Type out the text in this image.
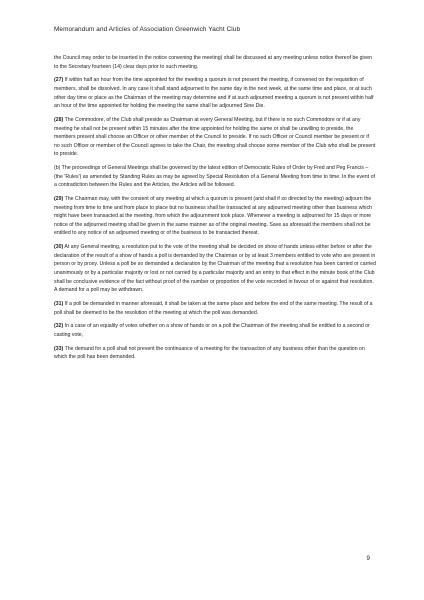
Memorandum and Articles of Association Greenwich Yacht Club

the Council may order to be inserted in the notice convening the meeting) shall be discussed at any meeting unless notice thereof be given to the Secretary fourteen (14) clear days prior to such meeting.

(27) If within half an hour from the time appointed for the meeting a quorum is not present the meeting, if convened on the requisition of members, shall be dissolved. In any case it shall stand adjourned to the same day in the next week, at the same time and place, or at such other day time or place as the Chairman of the meeting may determine and if at such adjourned meeting a quorum is not present within half an hour of the time appointed for holding the meeting the same shall be adjourned Sine Die.

(28) The Commodore, of the Club shall preside as Chairman at every General Meeting, but if there is no such Commodore or if at any meeting he shall not be present within 15 minutes after the time appointed for holding the same or shall be unwilling to preside, the members present shall choose an Officer or other member of the Council to preside. If no such Officer or Council member be present or if no such Officer or member of the Council agrees to take the Chair, the meeting shall choose some member of the Club who shall be present to preside.

(b) The proceedings of General Meetings shall be governed by the latest edition of Democratic Rules of Order by Fred and Peg Francis – (the 'Rules') as amended by Standing Rules as may be agreed by Special Resolution of a General Meeting from time to time. In the event of a contradiction between the Rules and the Articles, the Articles will be followed.

(29) The Chairman may, with the consent of any meeting at which a quorum is present (and shall if so directed by the meeting) adjourn the meeting from time to time and from place to place but no business shall be transacted at any adjourned meeting other than business which might have been transacted at the meeting, from which the adjournment took place. Whenever a meeting is adjourned for 15 days or more notice of the adjourned meeting shall be given in the same manner as of the original meeting. Save as aforesaid the members shall not be entitled to any notice of an adjourned meeting or of the business to be transacted thereat.

(30) At any General meeting, a resolution put to the vote of the meeting shall be decided on show of hands unless either before or after the declaration of the result of a show of hands a poll is demanded by the Chairman or by at least 3 members entitled to vote who are present in person or by proxy. Unless a poll be so demanded a declaration by the Chairman of the meeting that a resolution has been carried or carried unanimously or by a particular majority or lost or not carried by a particular majority and an entry to that effect in the minute book of the Club shall be conclusive evidence of the fact without proof of the number or proportion of the vote recorded in favour of or against that resolution. A demand for a poll may be withdrawn.

(31) If a poll be demanded in manner aforesaid, it shall be taken at the same place and before the end of the same meeting. The result of a poll shall be deemed to be the resolution of the meeting at which the poll was demanded.

(32) In a case of an equality of votes whether on a show of hands or on a poll the Chairman of the meeting shall be entitled to a second or casting vote,

(33) The demand for a poll shall not prevent the continuance of a meeting for the transaction of any business other than the question on which the poll has been demanded.

9
